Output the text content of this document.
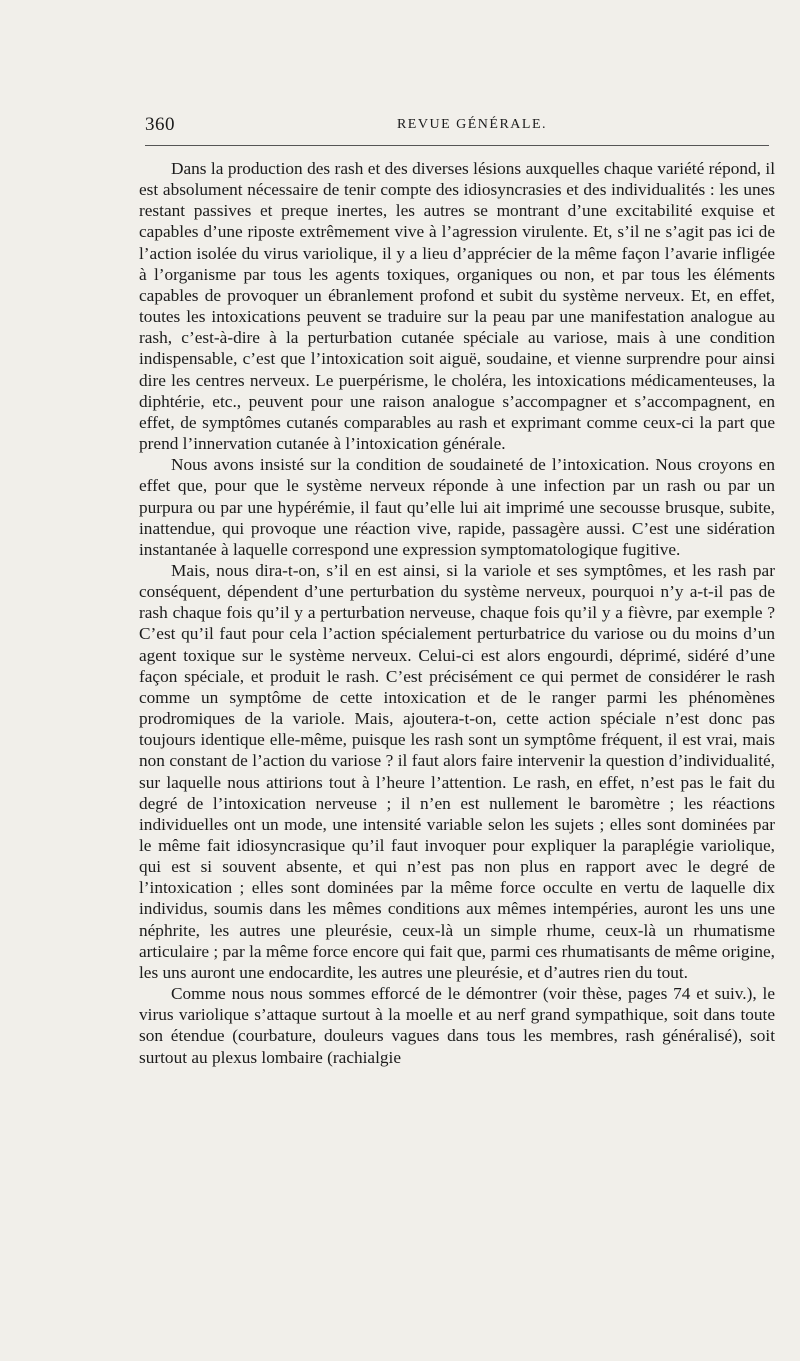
360	REVUE GÉNÉRALE.

Dans la production des rash et des diverses lésions auxquelles chaque variété répond, il est absolument nécessaire de tenir compte des idiosyncrasies et des individualités : les unes restant passives et preque inertes, les autres se montrant d’une excitabilité exquise et capables d’une riposte extrêmement vive à l’agression virulente. Et, s’il ne s’agit pas ici de l’action isolée du virus variolique, il y a lieu d’apprécier de la même façon l’avarie infligée à l’organisme par tous les agents toxiques, organiques ou non, et par tous les éléments capables de provoquer un ébranlement profond et subit du système nerveux. Et, en effet, toutes les intoxications peuvent se traduire sur la peau par une manifestation analogue au rash, c’est-à-dire à la perturbation cutanée spéciale au variose, mais à une condition indispensable, c’est que l’intoxication soit aiguë, soudaine, et vienne surprendre pour ainsi dire les centres nerveux. Le puerpérisme, le choléra, les intoxications médicamenteuses, la diphtérie, etc., peuvent pour une raison analogue s’accompagner et s’accompagnent, en effet, de symptômes cutanés comparables au rash et exprimant comme ceux-ci la part que prend l’innervation cutanée à l’intoxication générale.

Nous avons insisté sur la condition de soudaineté de l’intoxication. Nous croyons en effet que, pour que le système nerveux réponde à une infection par un rash ou par un purpura ou par une hypérémie, il faut qu’elle lui ait imprimé une secousse brusque, subite, inattendue, qui provoque une réaction vive, rapide, passagère aussi. C’est une sidération instantanée à laquelle correspond une expression symptomatologique fugitive.

Mais, nous dira-t-on, s’il en est ainsi, si la variole et ses symptômes, et les rash par conséquent, dépendent d’une perturbation du système nerveux, pourquoi n’y a-t-il pas de rash chaque fois qu’il y a perturbation nerveuse, chaque fois qu’il y a fièvre, par exemple ? C’est qu’il faut pour cela l’action spécialement perturbatrice du variose ou du moins d’un agent toxique sur le système nerveux. Celui-ci est alors engourdi, déprimé, sidéré d’une façon spéciale, et produit le rash. C’est précisément ce qui permet de considérer le rash comme un symptôme de cette intoxication et de le ranger parmi les phénomènes prodromiques de la variole. Mais, ajoutera-t-on, cette action spéciale n’est donc pas toujours identique elle-même, puisque les rash sont un symptôme fréquent, il est vrai, mais non constant de l’action du variose ? il faut alors faire intervenir la question d’individualité, sur laquelle nous attirions tout à l’heure l’attention. Le rash, en effet, n’est pas le fait du degré de l’intoxication nerveuse ; il n’en est nullement le baromètre ; les réactions individuelles ont un mode, une intensité variable selon les sujets ; elles sont dominées par le même fait idiosyncrasique qu’il faut invoquer pour expliquer la paraplégie variolique, qui est si souvent absente, et qui n’est pas non plus en rapport avec le degré de l’intoxication ; elles sont dominées par la même force occulte en vertu de laquelle dix individus, soumis dans les mêmes conditions aux mêmes intempéries, auront les uns une néphrite, les autres une pleurésie, ceux-là un simple rhume, ceux-là un rhumatisme articulaire ; par la même force encore qui fait que, parmi ces rhumatisants de même origine, les uns auront une endocardite, les autres une pleurésie, et d’autres rien du tout.

Comme nous nous sommes efforcé de le démontrer (voir thèse, pages 74 et suiv.), le virus variolique s’attaque surtout à la moelle et au nerf grand sympathique, soit dans toute son étendue (courbature, douleurs vagues dans tous les membres, rash généralisé), soit surtout au plexus lombaire (rachialgie
